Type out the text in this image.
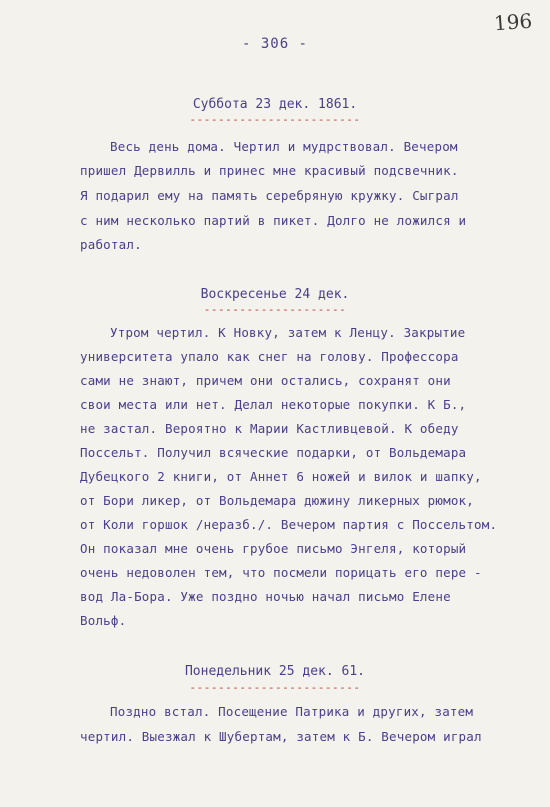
196
- 306 -
Суббота 23 дек. 1861.
------------------------

Весь день дома. Чертил и мудрствовал. Вечером

пришел Дервилль и принес мне красивый подсвечник.

Я подарил ему на память серебряную кружку. Сыграл

с ним несколько партий в пикет. Долго не ложился и

работал.

Воскресенье 24 дек.
--------------------

Утром чертил. К Новку, затем к Ленцу. Закрытие

университета упало как снег на голову. Профессора

сами не знают, причем они остались, сохранят они

свои места или нет. Делал некоторые покупки. К Б.,

не застал. Вероятно к Марии Кастливцевой. К обеду

Поссельт. Получил всяческие подарки, от Вольдемара

Дубецкого 2 книги, от Аннет 6 ножей и вилок и шапку,

от Бори ликер, от Вольдемара дюжину ликерных рюмок,

от Коли горшок /неразб./. Вечером партия с Поссельтом.

Он показал мне очень грубое письмо Энгеля, который

очень недоволен тем, что посмели порицать его пере -

вод Ла-Бора. Уже поздно ночью начал письмо Елене

Вольф.

Понедельник 25 дек. 61.
------------------------

Поздно встал. Посещение Патрика и других, затем

чертил. Выезжал к Шубертам, затем к Б. Вечером играл
